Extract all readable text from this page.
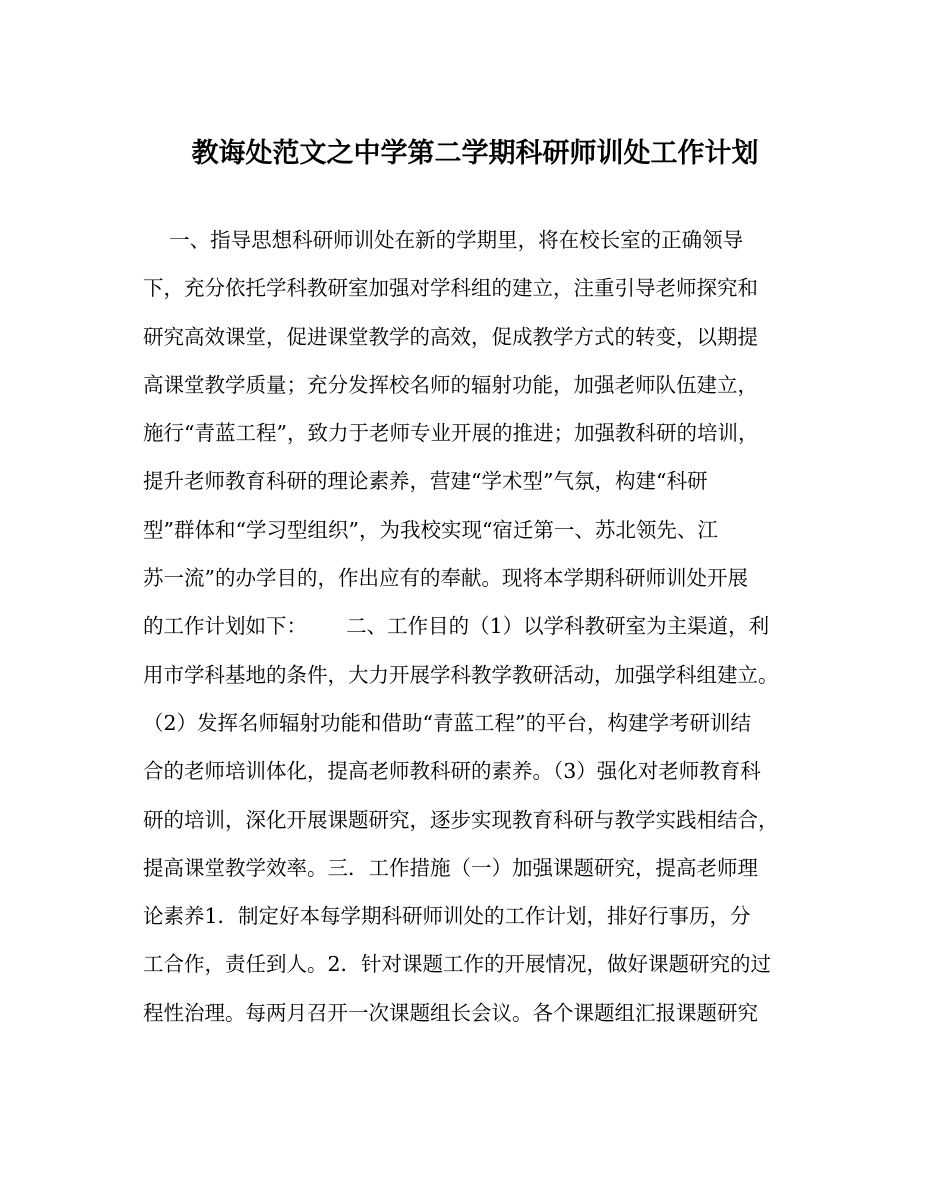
教诲处范文之中学第二学期科研师训处工作计划
一、指导思想科研师训处在新的学期里，将在校长室的正确领导
下，充分依托学科教研室加强对学科组的建立，注重引导老师探究和
研究高效课堂，促进课堂教学的高效，促成教学方式的转变，以期提
高课堂教学质量；充分发挥校名师的辐射功能，加强老师队伍建立，
施行“青蓝工程”，致力于老师专业开展的推进；加强教科研的培训，
提升老师教育科研的理论素养，营建“学术型”气氛，构建“科研
型”群体和“学习型组织”，为我校实现“宿迁第一、苏北领先、江
苏一流”的办学目的，作出应有的奉献。现将本学期科研师训处开展
的工作计划如下：      二、工作目的（1）以学科教研室为主渠道，利
用市学科基地的条件，大力开展学科教学教研活动，加强学科组建立。
（2）发挥名师辐射功能和借助“青蓝工程”的平台，构建学考研训结
合的老师培训体化，提高老师教科研的素养。（3）强化对老师教育科
研的培训，深化开展课题研究，逐步实现教育科研与教学实践相结合，
提高课堂教学效率。三．工作措施（一）加强课题研究，提高老师理
论素养1．制定好本每学期科研师训处的工作计划，排好行事历，分
工合作，责任到人。2．针对课题工作的开展情况，做好课题研究的过
程性治理。每两月召开一次课题组长会议。各个课题组汇报课题研究
